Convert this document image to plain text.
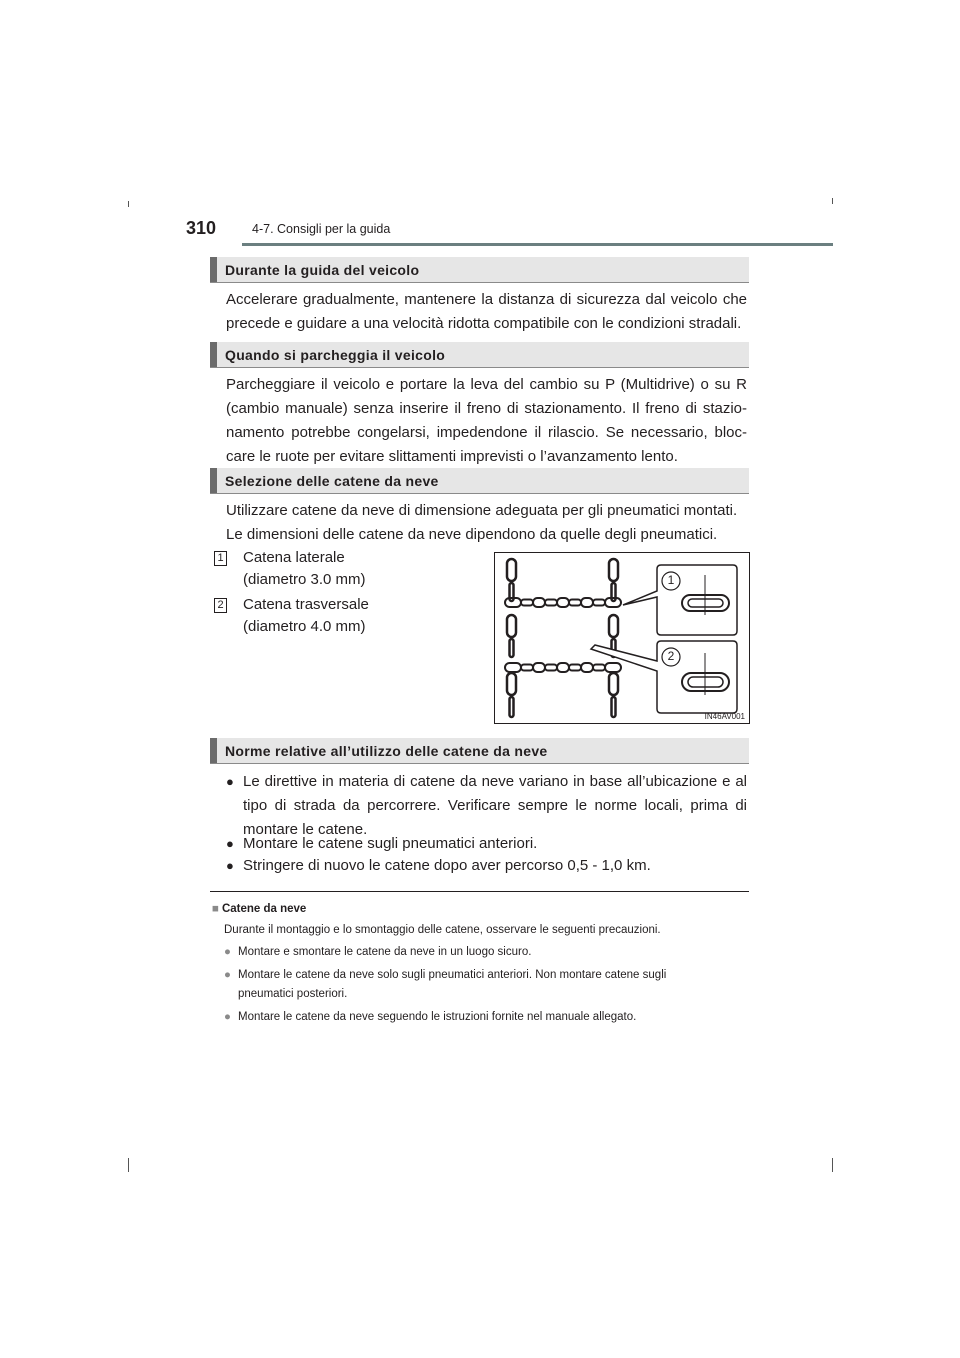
310	4-7. Consigli per la guida
Durante la guida del veicolo
Accelerare gradualmente, mantenere la distanza di sicurezza dal veicolo che
precede e guidare a una velocità ridotta compatibile con le condizioni stradali.
Quando si parcheggia il veicolo
Parcheggiare il veicolo e portare la leva del cambio su P (Multidrive) o su R
(cambio manuale) senza inserire il freno di stazionamento. Il freno di stazio-
namento potrebbe congelarsi, impedendone il rilascio. Se necessario, bloc-
care le ruote per evitare slittamenti imprevisti o l’avanzamento lento.
Selezione delle catene da neve
Utilizzare catene da neve di dimensione adeguata per gli pneumatici montati.
Le dimensioni delle catene da neve dipendono da quelle degli pneumatici.
1 Catena laterale
(diametro 3.0 mm)
2 Catena trasversale
(diametro 4.0 mm)
1
2
IN46AV001
Norme relative all’utilizzo delle catene da neve
● Le direttive in materia di catene da neve variano in base all’ubicazione e al
tipo di strada da percorrere. Verificare sempre le norme locali, prima di
montare le catene.
● Montare le catene sugli pneumatici anteriori.
● Stringere di nuovo le catene dopo aver percorso 0,5 - 1,0 km.
■ Catene da neve
Durante il montaggio e lo smontaggio delle catene, osservare le seguenti precauzioni.
● Montare e smontare le catene da neve in un luogo sicuro.
● Montare le catene da neve solo sugli pneumatici anteriori. Non montare catene sugli
pneumatici posteriori.
● Montare le catene da neve seguendo le istruzioni fornite nel manuale allegato.
